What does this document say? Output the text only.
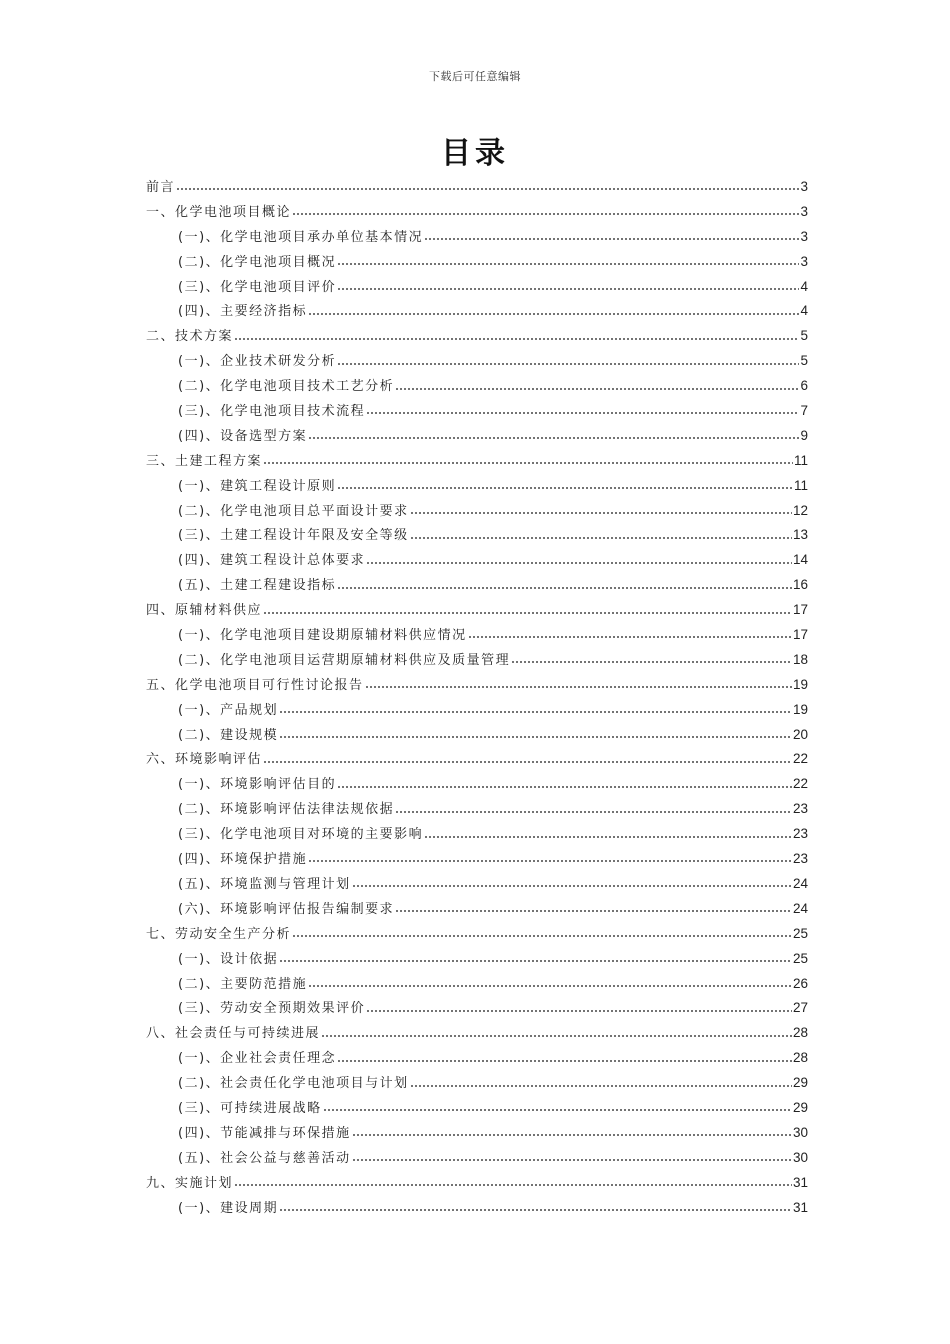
下载后可任意编辑
目录
前言	3
一、化学电池项目概论	3
(一)、化学电池项目承办单位基本情况	3
(二)、化学电池项目概况	3
(三)、化学电池项目评价	4
(四)、主要经济指标	4
二、技术方案	5
(一)、企业技术研发分析	5
(二)、化学电池项目技术工艺分析	6
(三)、化学电池项目技术流程	7
(四)、设备选型方案	9
三、土建工程方案	11
(一)、建筑工程设计原则	11
(二)、化学电池项目总平面设计要求	12
(三)、土建工程设计年限及安全等级	13
(四)、建筑工程设计总体要求	14
(五)、土建工程建设指标	16
四、原辅材料供应	17
(一)、化学电池项目建设期原辅材料供应情况	17
(二)、化学电池项目运营期原辅材料供应及质量管理	18
五、化学电池项目可行性讨论报告	19
(一)、产品规划	19
(二)、建设规模	20
六、环境影响评估	22
(一)、环境影响评估目的	22
(二)、环境影响评估法律法规依据	23
(三)、化学电池项目对环境的主要影响	23
(四)、环境保护措施	23
(五)、环境监测与管理计划	24
(六)、环境影响评估报告编制要求	24
七、劳动安全生产分析	25
(一)、设计依据	25
(二)、主要防范措施	26
(三)、劳动安全预期效果评价	27
八、社会责任与可持续进展	28
(一)、企业社会责任理念	28
(二)、社会责任化学电池项目与计划	29
(三)、可持续进展战略	29
(四)、节能减排与环保措施	30
(五)、社会公益与慈善活动	30
九、实施计划	31
(一)、建设周期	31
